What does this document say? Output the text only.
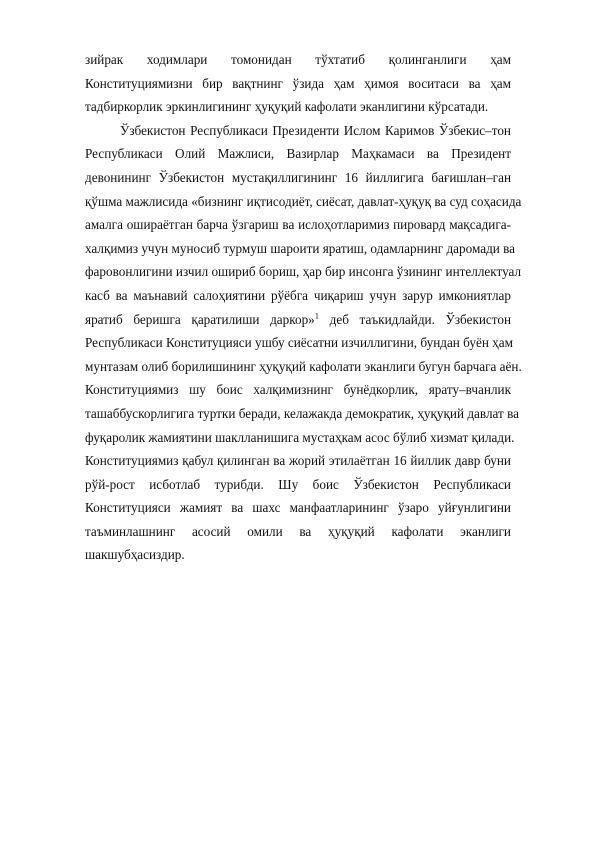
зийрак ходимлари томонидан тўхтатиб қолинганлиги ҳам
Конституциямизни бир вақтнинг ўзида ҳам ҳимоя воситаси ва ҳам
тадбиркорлик эркинлигининг ҳуқуқий кафолати эканлигини кўрсатади.
Ўзбекистон Республикаси Президенти Ислом Каримов Ўзбекис–тон
Республикаси Олий Мажлиси, Вазирлар Маҳкамаси ва Президент
девонининг Ўзбекистон мустақиллигининг 16 йиллигига бағишлан–ган
қўшма мажлисида «бизнинг иқтисодиёт, сиёсат, давлат-ҳуқуқ ва суд соҳасида
амалга ошираётган барча ўзгариш ва ислоҳотларимиз пировард мақсадига-
халқимиз учун муносиб турмуш шароити яратиш, одамларнинг даромади ва
фаровонлигини изчил ошириб бориш, ҳар бир инсонга ўзининг интеллектуал
касб ва маънавий салоҳиятини рўёбга чиқариш учун зарур имкониятлар
яратиб беришга қаратилиши даркор»$^1$ деб таъкидлайди. Ўзбекистон
Республикаси Конституцияси ушбу сиёсатни изчиллигини, бундан буён ҳам
мунтазам олиб борилишининг ҳуқуқий кафолати эканлиги бугун барчага аён.
Конституциямиз шу боис халқимизнинг бунёдкорлик, ярату–вчанлик
ташаббускорлигига туртки беради, келажакда демократик, ҳуқуқий давлат ва
фуқаролик жамиятини шаклланишига мустаҳкам асос бўлиб хизмат қилади.
Конституциямиз қабул қилинган ва жорий этилаётган 16 йиллик давр буни
рўй-рост исботлаб турибди. Шу боис Ўзбекистон Республикаси
Конституцияси жамият ва шахс манфаатларининг ўзаро уйғунлигини
таъминлашнинг асосий омили ва ҳуқуқий кафолати эканлиги
шакшубҳасиздир.
